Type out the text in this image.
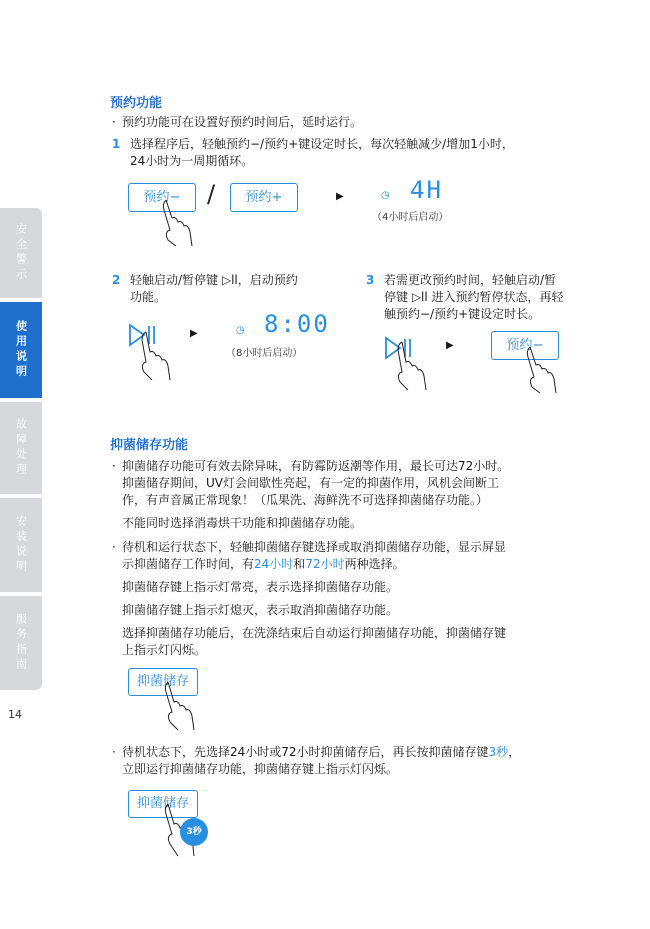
安全警示
使用说明
故障处理
安装说明
服务指南
14
预约功能
· 预约功能可在设置好预约时间后，延时运行。
1 选择程序后，轻触预约−/预约+键设定时长，每次轻触减少/增加1小时，
24小时为一周期循环。
预约−	/	预约+	▶	◷ 4H
（4小时后启动）
2 轻触启动/暂停键 ▷ll，启动预约
功能。
▶	◷ 8:00
（8小时后启动）
3 若需更改预约时间，轻触启动/暂
停键 ▷ll 进入预约暂停状态，再轻
触预约−/预约+键设定时长。
▶	预约−
抑菌储存功能
· 抑菌储存功能可有效去除异味，有防霉防返潮等作用，最长可达72小时。
抑菌储存期间，UV灯会间歇性亮起，有一定的抑菌作用，风机会间断工
作，有声音属正常现象！（瓜果洗、海鲜洗不可选择抑菌储存功能。）

不能同时选择消毒烘干功能和抑菌储存功能。
· 待机和运行状态下，轻触抑菌储存键选择或取消抑菌储存功能，显示屏显
示抑菌储存工作时间，有24小时和72小时两种选择。

抑菌储存键上指示灯常亮，表示选择抑菌储存功能。

抑菌储存键上指示灯熄灭，表示取消抑菌储存功能。

选择抑菌储存功能后，在洗涤结束后自动运行抑菌储存功能，抑菌储存键
上指示灯闪烁。
抑菌储存
· 待机状态下，先选择24小时或72小时抑菌储存后，再长按抑菌储存键3秒，
立即运行抑菌储存功能，抑菌储存键上指示灯闪烁。
抑菌储存
3秒
